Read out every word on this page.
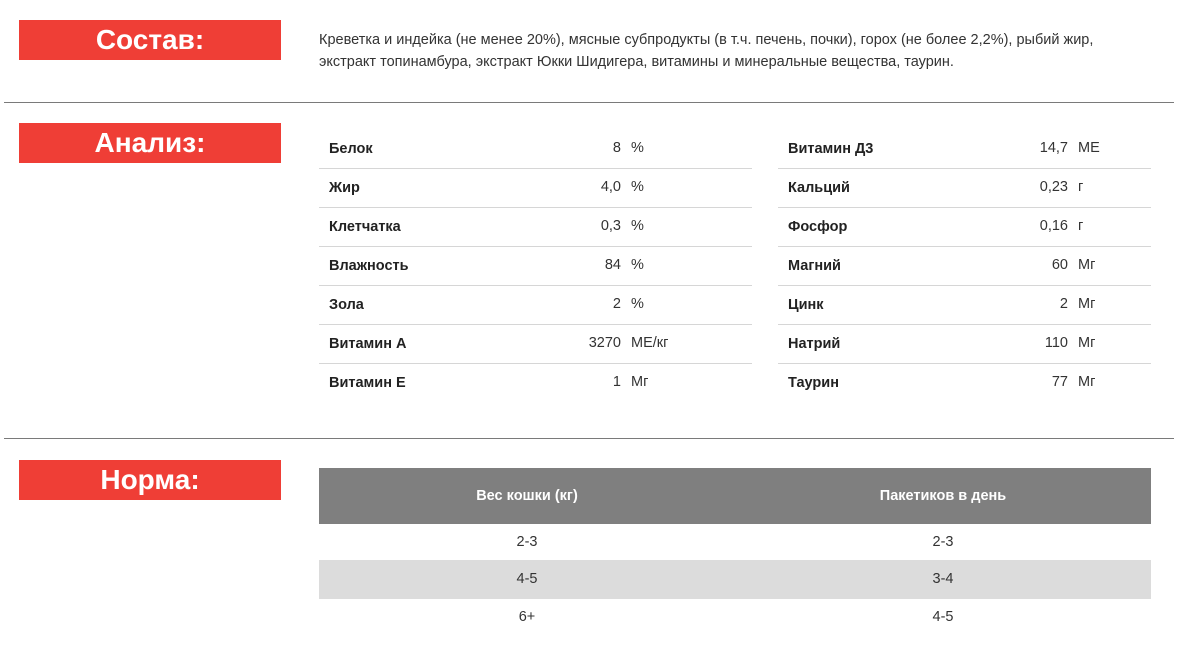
Состав:	Креветка и индейка (не менее 20%), мясные субпродукты (в т.ч. печень, почки), горох (не более 2,2%), рыбий жир, экстракт топинамбура, экстракт Юкки Шидигера, витамины и минеральные вещества, таурин.
Анализ:	Белок	8 %
Жир	4,0 %
Клетчатка	0,3 %
Влажность	84 %
Зола	2 %
Витамин А	3270 МЕ/кг
Витамин Е	1 Мг
Витамин Д3	14,7 МЕ
Кальций	0,23 г
Фосфор	0,16 г
Магний	60 Мг
Цинк	2 Мг
Натрий	110 Мг
Таурин	77 Мг
Норма:
Вес кошки (кг)	Пакетиков в день
2-3	2-3
4-5	3-4
6+	4-5
